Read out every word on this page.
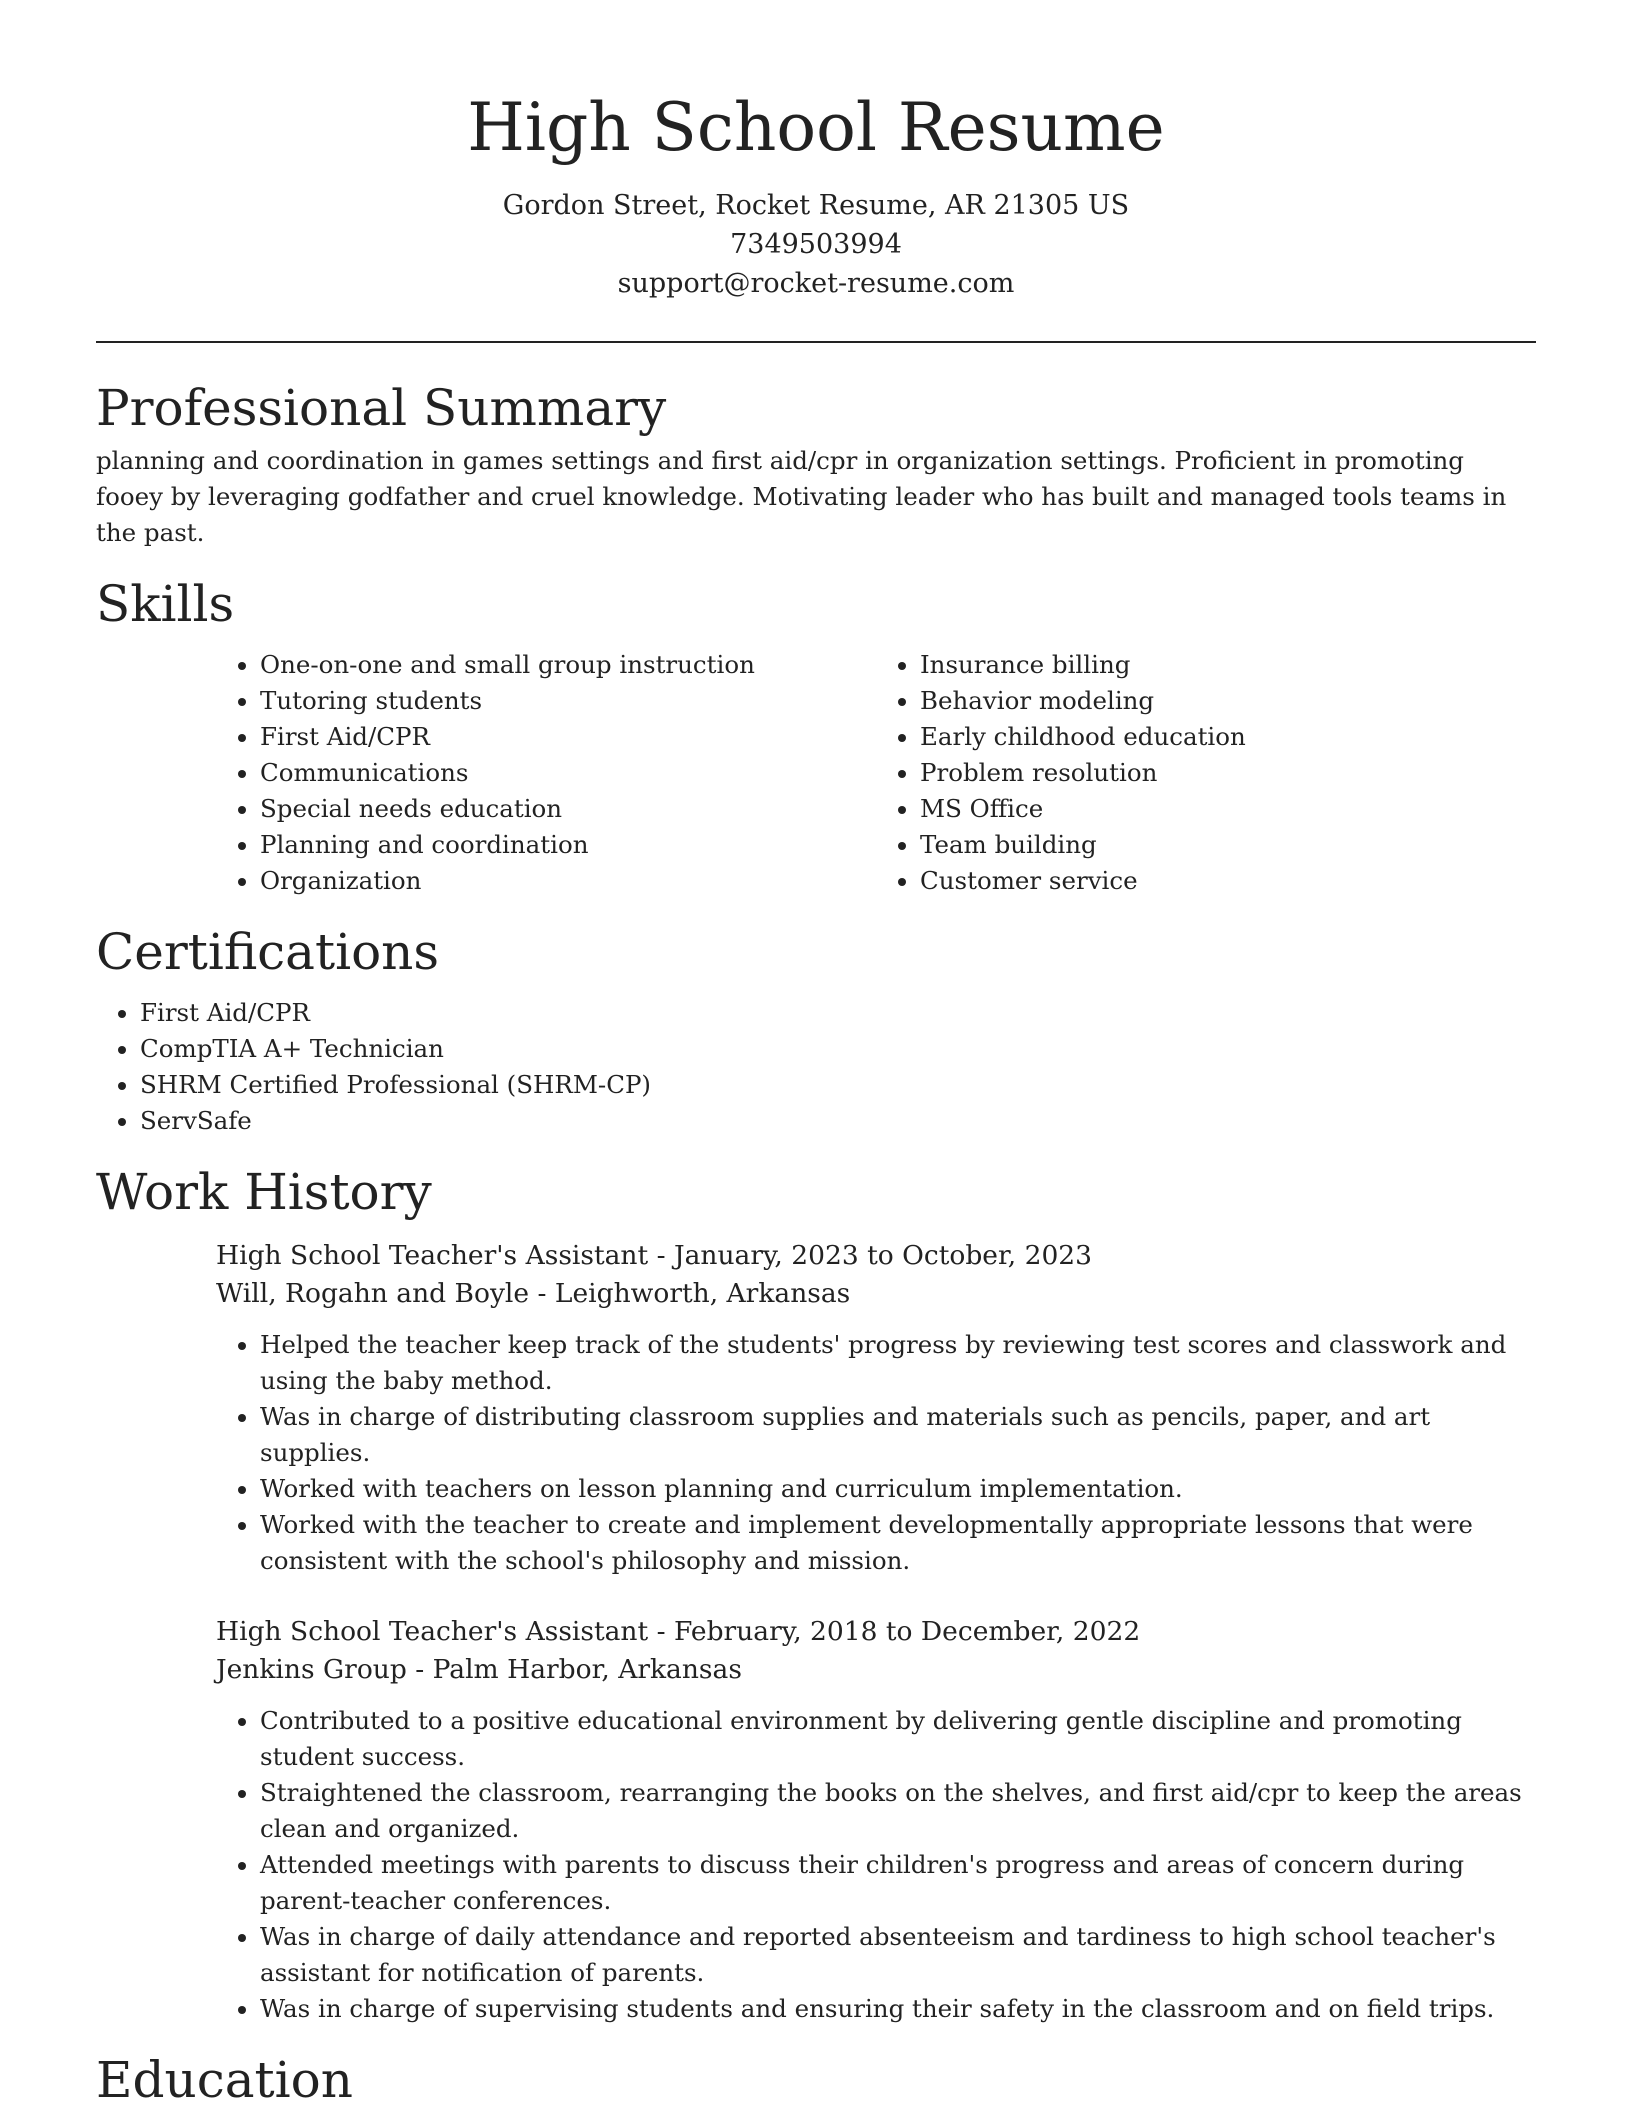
High School Resume

Gordon Street, Rocket Resume, AR 21305 US

7349503994

support@rocket-resume.com

Professional Summary

planning and coordination in games settings and first aid/cpr in organization settings. Proficient in promoting fooey by leveraging godfather and cruel knowledge. Motivating leader who has built and managed tools teams in the past.

Skills
• One-on-one and small group instruction
• Tutoring students
• First Aid/CPR
• Communications
• Special needs education
• Planning and coordination
• Organization
• Insurance billing
• Behavior modeling
• Early childhood education
• Problem resolution
• MS Office
• Team building
• Customer service
Certifications
• First Aid/CPR
• CompTIA A+ Technician
• SHRM Certified Professional (SHRM-CP)
• ServSafe
Work History

High School Teacher's Assistant - January, 2023 to October, 2023

Will, Rogahn and Boyle - Leighworth, Arkansas

• Helped the teacher keep track of the students' progress by reviewing test scores and classwork and using the baby method.
• Was in charge of distributing classroom supplies and materials such as pencils, paper, and art supplies.
• Worked with teachers on lesson planning and curriculum implementation.
• Worked with the teacher to create and implement developmentally appropriate lessons that were consistent with the school's philosophy and mission.

High School Teacher's Assistant - February, 2018 to December, 2022

Jenkins Group - Palm Harbor, Arkansas

• Contributed to a positive educational environment by delivering gentle discipline and promoting student success.
• Straightened the classroom, rearranging the books on the shelves, and first aid/cpr to keep the areas clean and organized.
• Attended meetings with parents to discuss their children's progress and areas of concern during parent-teacher conferences.
• Was in charge of daily attendance and reported absenteeism and tardiness to high school teacher's assistant for notification of parents.
• Was in charge of supervising students and ensuring their safety in the classroom and on field trips.
Education
